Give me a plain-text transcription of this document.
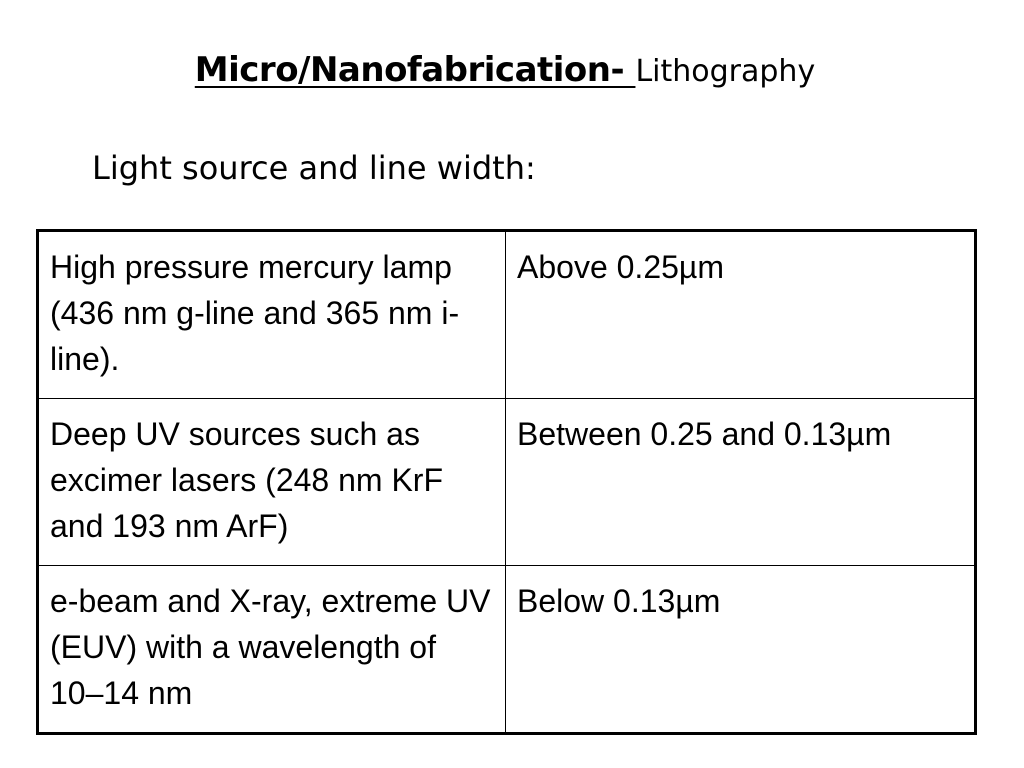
Micro/Nanofabrication- Lithography
Light source and line width:
High pressure mercury lamp (436 nm g-line and 365 nm i-line).	Above 0.25µm
Deep UV sources such as excimer lasers (248 nm KrF and 193 nm ArF)	Between 0.25 and 0.13µm
e-beam and X-ray, extreme UV (EUV) with a wavelength of 10–14 nm	Below 0.13µm
